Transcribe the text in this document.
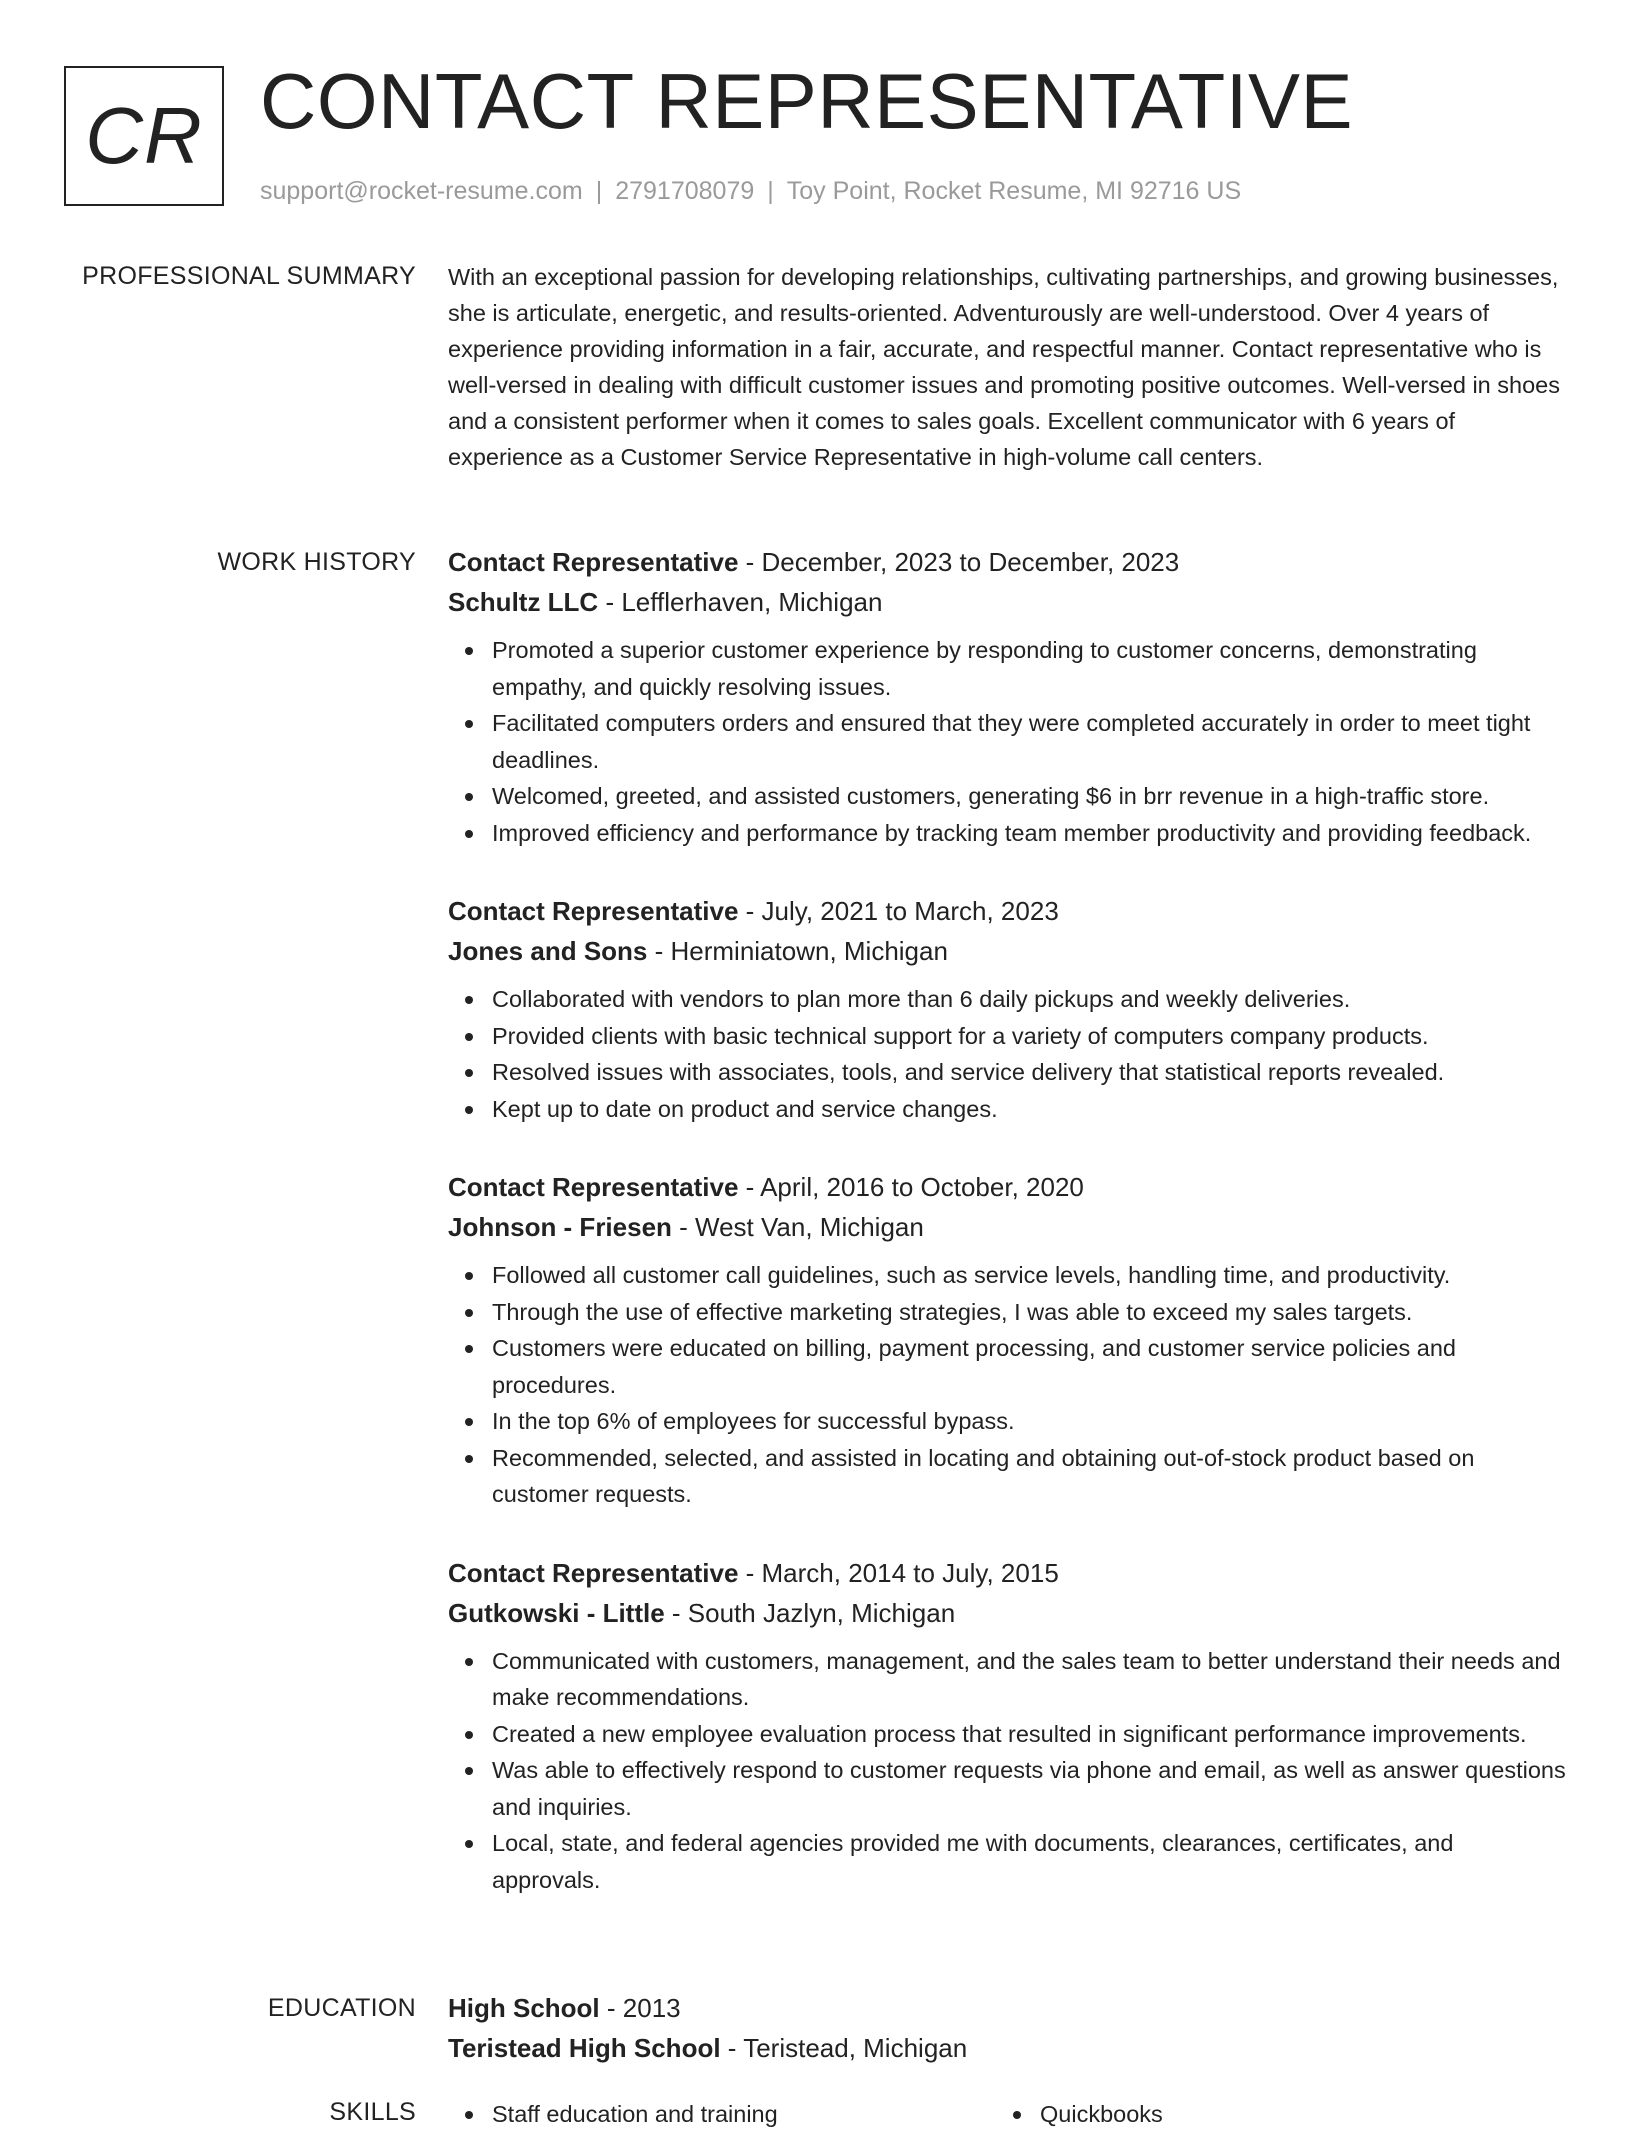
CR CONTACT REPRESENTATIVE
support@rocket-resume.com | 2791708079 | Toy Point, Rocket Resume, MI 92716 US
PROFESSIONAL SUMMARY With an exceptional passion for developing relationships, cultivating partnerships, and growing businesses, she is articulate, energetic, and results-oriented. Adventurously are well-understood. Over 4 years of experience providing information in a fair, accurate, and respectful manner. Contact representative who is well-versed in dealing with difficult customer issues and promoting positive outcomes. Well-versed in shoes and a consistent performer when it comes to sales goals. Excellent communicator with 6 years of experience as a Customer Service Representative in high-volume call centers.

WORK HISTORY Contact Representative - December, 2023 to December, 2023
Schultz LLC - Lefflerhaven, Michigan
Promoted a superior customer experience by responding to customer concerns, demonstrating empathy, and quickly resolving issues.
Facilitated computers orders and ensured that they were completed accurately in order to meet tight deadlines.
Welcomed, greeted, and assisted customers, generating $6 in brr revenue in a high-traffic store.
Improved efficiency and performance by tracking team member productivity and providing feedback.
Contact Representative - July, 2021 to March, 2023
Jones and Sons - Herminiatown, Michigan
Collaborated with vendors to plan more than 6 daily pickups and weekly deliveries.
Provided clients with basic technical support for a variety of computers company products.
Resolved issues with associates, tools, and service delivery that statistical reports revealed.
Kept up to date on product and service changes.
Contact Representative - April, 2016 to October, 2020
Johnson - Friesen - West Van, Michigan
Followed all customer call guidelines, such as service levels, handling time, and productivity.
Through the use of effective marketing strategies, I was able to exceed my sales targets.
Customers were educated on billing, payment processing, and customer service policies and procedures.
In the top 6% of employees for successful bypass.
Recommended, selected, and assisted in locating and obtaining out-of-stock product based on customer requests.
Contact Representative - March, 2014 to July, 2015
Gutkowski - Little - South Jazlyn, Michigan
Communicated with customers, management, and the sales team to better understand their needs and make recommendations.
Created a new employee evaluation process that resulted in significant performance improvements.
Was able to effectively respond to customer requests via phone and email, as well as answer questions and inquiries.
Local, state, and federal agencies provided me with documents, clearances, certificates, and approvals.
EDUCATION High School - 2013
Teristead High School - Teristead, Michigan
SKILLS	Staff education and training	Quickbooks
